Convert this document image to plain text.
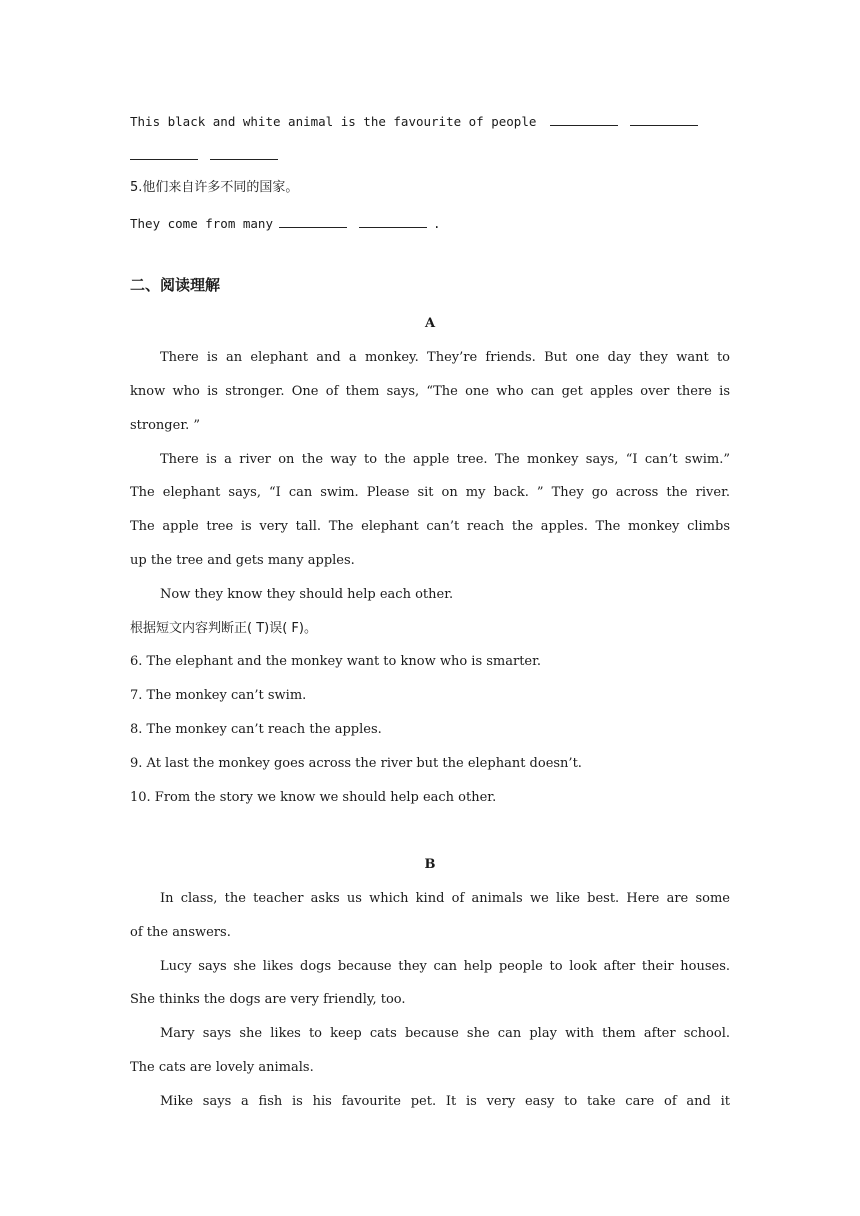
This black and white animal is the favourite of people
5.他们来自许多不同的国家。
They come from many	.
二、阅读理解
A
There is an elephant and a monkey. They’re friends. But one day they want to
know who is stronger. One of them says, “The one who can get apples over there is
stronger. ”
There is a river on the way to the apple tree. The monkey says, “I can’t swim.”
The elephant says, “I can swim. Please sit on my back. ” They go across the river.
The apple tree is very tall. The elephant can’t reach the apples. The monkey climbs
up the tree and gets many apples.
Now they know they should help each other.
根据短文内容判断正( T)误( F)。
6. The elephant and the monkey want to know who is smarter.
7. The monkey can’t swim.
8. The monkey can’t reach the apples.
9. At last the monkey goes across the river but the elephant doesn’t.
10. From the story we know we should help each other.
B
In class, the teacher asks us which kind of animals we like best. Here are some
of the answers.
Lucy says she likes dogs because they can help people to look after their houses.
She thinks the dogs are very friendly, too.
Mary says she likes to keep cats because she can play with them after school.
The cats are lovely animals.
Mike says a fish is his favourite pet. It is very easy to take care of and it
